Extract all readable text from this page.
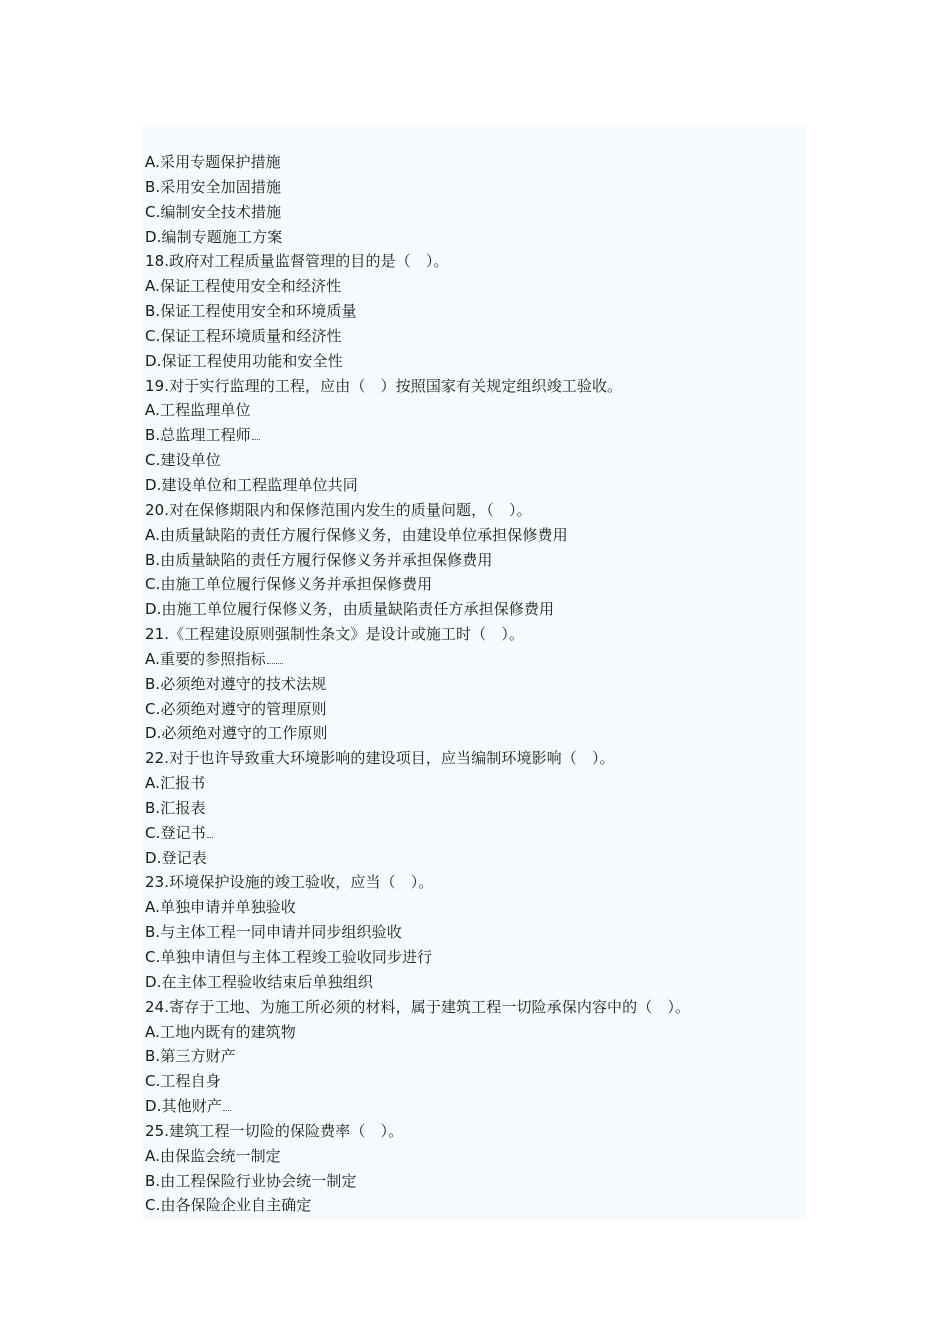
A.采用专题保护措施
B.采用安全加固措施
C.编制安全技术措施
D.编制专题施工方案
18.政府对工程质量监督管理的目的是（　）。
A.保证工程使用安全和经济性
B.保证工程使用安全和环境质量
C.保证工程环境质量和经济性
D.保证工程使用功能和安全性
19.对于实行监理的工程，应由（　）按照国家有关规定组织竣工验收。
A.工程监理单位
B.总监理工程师
C.建设单位
D.建设单位和工程监理单位共同
20.对在保修期限内和保修范围内发生的质量问题，（　）。
A.由质量缺陷的责任方履行保修义务，由建设单位承担保修费用
B.由质量缺陷的责任方履行保修义务并承担保修费用
C.由施工单位履行保修义务并承担保修费用
D.由施工单位履行保修义务，由质量缺陷责任方承担保修费用
21.《工程建设原则强制性条文》是设计或施工时（　）。
A.重要的参照指标
B.必须绝对遵守的技术法规
C.必须绝对遵守的管理原则
D.必须绝对遵守的工作原则
22.对于也许导致重大环境影响的建设项目，应当编制环境影响（　）。
A.汇报书
B.汇报表
C.登记书
D.登记表
23.环境保护设施的竣工验收，应当（　）。
A.单独申请并单独验收
B.与主体工程一同申请并同步组织验收
C.单独申请但与主体工程竣工验收同步进行
D.在主体工程验收结束后单独组织
24.寄存于工地、为施工所必须的材料，属于建筑工程一切险承保内容中的（　）。
A.工地内既有的建筑物
B.第三方财产
C.工程自身
D.其他财产
25.建筑工程一切险的保险费率（　）。
A.由保监会统一制定
B.由工程保险行业协会统一制定
C.由各保险企业自主确定
